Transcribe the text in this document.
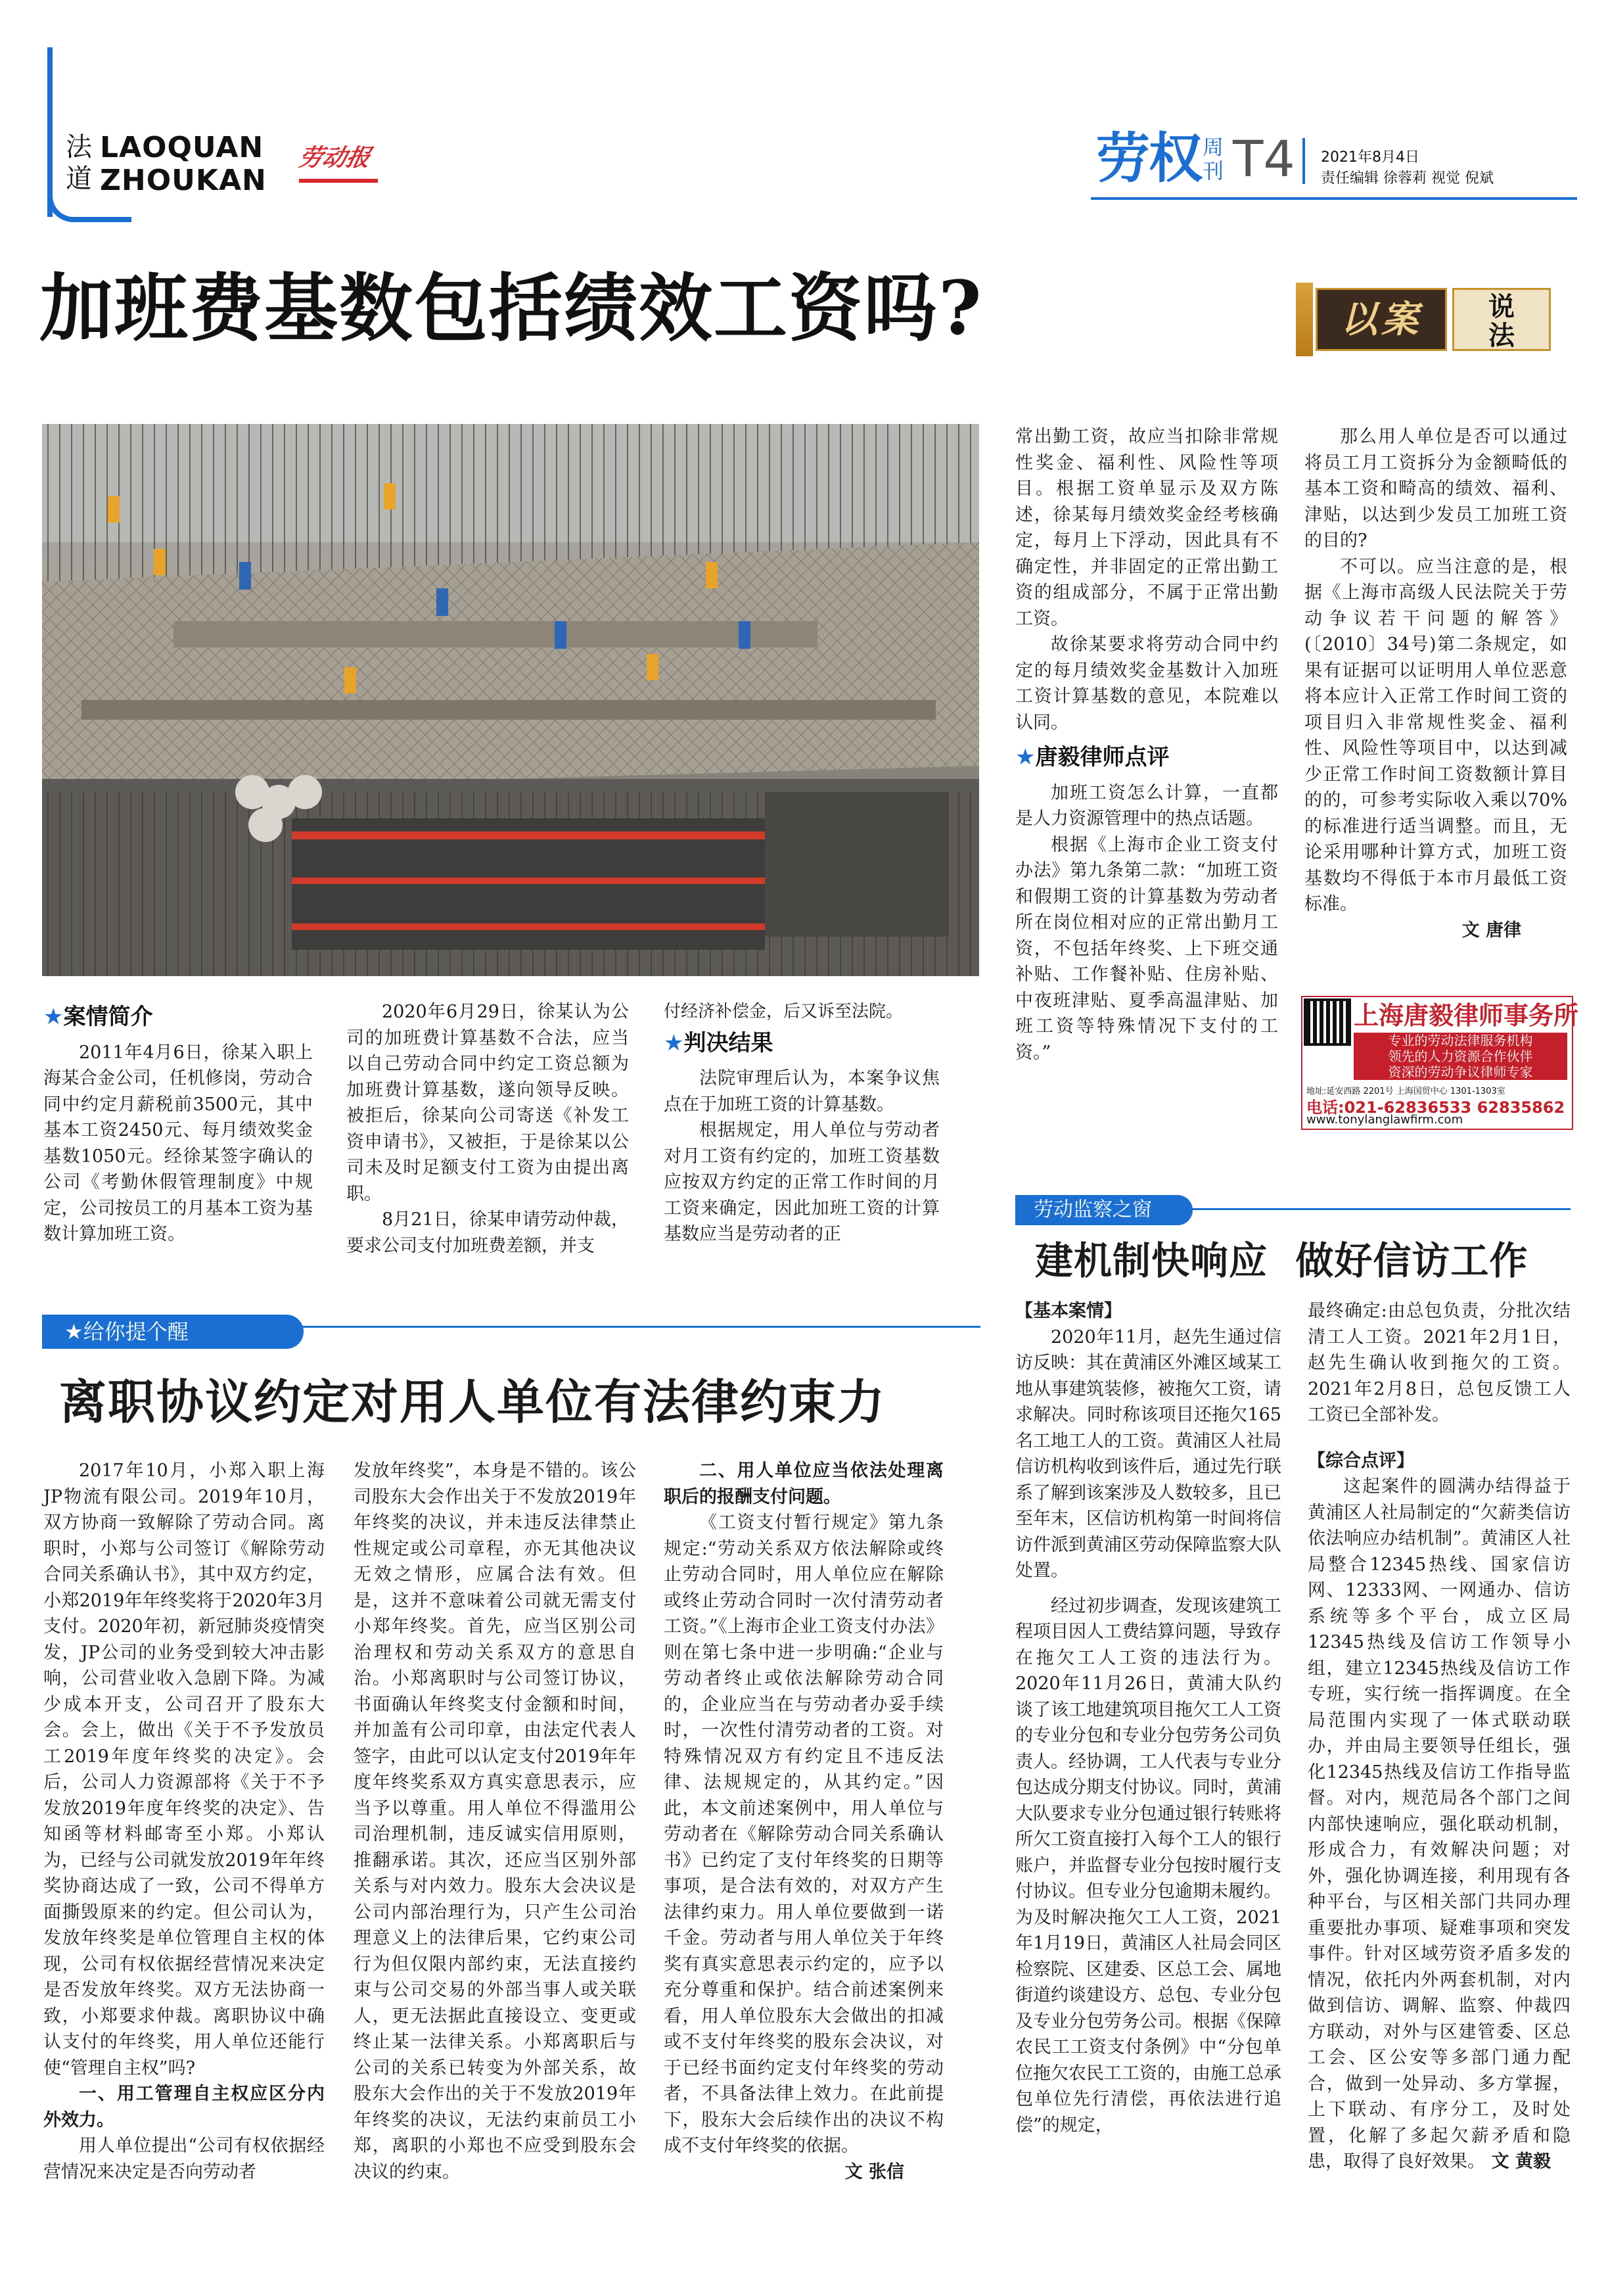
法
道
LAOQUAN
ZHOUKAN
劳动报	劳权 周
刊 T4 2021年8月4日
责任编辑 徐蓉莉 视觉 倪斌
加班费基数包括绩效工资吗?	以案	说
法
★案情简介

2011年4月6日，徐某入职上海某合金公司，任机修岗，劳动合同中约定月薪税前3500元，其中基本工资2450元、每月绩效奖金基数1050元。经徐某签字确认的公司《考勤休假管理制度》中规定，公司按员工的月基本工资为基数计算加班工资。

2020年6月29日，徐某认为公司的加班费计算基数不合法，应当以自己劳动合同中约定工资总额为加班费计算基数，遂向领导反映。被拒后，徐某向公司寄送《补发工资申请书》，又被拒，于是徐某以公司未及时足额支付工资为由提出离职。

8月21日，徐某申请劳动仲裁，要求公司支付加班费差额，并支

付经济补偿金，后又诉至法院。

★判决结果

法院审理后认为，本案争议焦点在于加班工资的计算基数。

根据规定，用人单位与劳动者对月工资有约定的，加班工资基数应按双方约定的正常工作时间的月工资来确定，因此加班工资的计算基数应当是劳动者的正

常出勤工资，故应当扣除非常规性奖金、福利性、风险性等项目。根据工资单显示及双方陈述，徐某每月绩效奖金经考核确定，每月上下浮动，因此具有不确定性，并非固定的正常出勤工资的组成部分，不属于正常出勤工资。

故徐某要求将劳动合同中约定的每月绩效奖金基数计入加班工资计算基数的意见，本院难以认同。

★唐毅律师点评

加班工资怎么计算，一直都是人力资源管理中的热点话题。

根据《上海市企业工资支付办法》第九条第二款：“加班工资和假期工资的计算基数为劳动者所在岗位相对应的正常出勤月工资，不包括年终奖、上下班交通补贴、工作餐补贴、住房补贴、中夜班津贴、夏季高温津贴、加班工资等特殊情况下支付的工资。”

那么用人单位是否可以通过将员工月工资拆分为金额畸低的基本工资和畸高的绩效、福利、津贴，以达到少发员工加班工资的目的?

不可以。应当注意的是，根据《上海市高级人民法院关于劳动争议若干问题的解答》(〔2010〕34号)第二条规定，如果有证据可以证明用人单位恶意将本应计入正常工作时间工资的项目归入非常规性奖金、福利性、风险性等项目中，以达到减少正常工作时间工资数额计算目的的，可参考实际收入乘以70%的标准进行适当调整。而且，无论采用哪种计算方式，加班工资基数均不得低于本市月最低工资标准。

文 唐律
上海唐毅律师事务所
专业的劳动法律服务机构
领先的人力资源合作伙伴
资深的劳动争议律师专家
地址:延安西路 2201号 上海国贸中心 1301-1303室
电话:021-62836533 62835862
www.tonylanglawfirm.com
★给你提个醒
离职协议约定对用人单位有法律约束力

2017年10月，小郑入职上海JP物流有限公司。2019年10月，双方协商一致解除了劳动合同。离职时，小郑与公司签订《解除劳动合同关系确认书》，其中双方约定，小郑2019年年终奖将于2020年3月支付。2020年初，新冠肺炎疫情突发，JP公司的业务受到较大冲击影响，公司营业收入急剧下降。为减少成本开支，公司召开了股东大会。会上，做出《关于不予发放员工2019年度年终奖的决定》。会后，公司人力资源部将《关于不予发放2019年度年终奖的决定》、告知函等材料邮寄至小郑。小郑认为，已经与公司就发放2019年年终奖协商达成了一致，公司不得单方面撕毁原来的约定。但公司认为，发放年终奖是单位管理自主权的体现，公司有权依据经营情况来决定是否发放年终奖。双方无法协商一致，小郑要求仲裁。离职协议中确认支付的年终奖，用人单位还能行使“管理自主权”吗?

一、用工管理自主权应区分内外效力。

用人单位提出“公司有权依据经营情况来决定是否向劳动者

发放年终奖”，本身是不错的。该公司股东大会作出关于不发放2019年年终奖的决议，并未违反法律禁止性规定或公司章程，亦无其他决议无效之情形，应属合法有效。但是，这并不意味着公司就无需支付小郑年终奖。首先，应当区别公司治理权和劳动关系双方的意思自治。小郑离职时与公司签订协议，书面确认年终奖支付金额和时间，并加盖有公司印章，由法定代表人签字，由此可以认定支付2019年年度年终奖系双方真实意思表示，应当予以尊重。用人单位不得滥用公司治理机制，违反诚实信用原则，推翻承诺。其次，还应当区别外部关系与对内效力。股东大会决议是公司内部治理行为，只产生公司治理意义上的法律后果，它约束公司行为但仅限内部约束，无法直接约束与公司交易的外部当事人或关联人，更无法据此直接设立、变更或终止某一法律关系。小郑离职后与公司的关系已转变为外部关系，故股东大会作出的关于不发放2019年年终奖的决议，无法约束前员工小郑，离职的小郑也不应受到股东会决议的约束。

二、用人单位应当依法处理离职后的报酬支付问题。

《工资支付暂行规定》第九条规定:“劳动关系双方依法解除或终止劳动合同时，用人单位应在解除或终止劳动合同时一次付清劳动者工资。”《上海市企业工资支付办法》则在第七条中进一步明确:“企业与劳动者终止或依法解除劳动合同的，企业应当在与劳动者办妥手续时，一次性付清劳动者的工资。对特殊情况双方有约定且不违反法律、法规规定的，从其约定。”因此，本文前述案例中，用人单位与劳动者在《解除劳动合同关系确认书》已约定了支付年终奖的日期等事项，是合法有效的，对双方产生法律约束力。用人单位要做到一诺千金。劳动者与用人单位关于年终奖有真实意思表示约定的，应予以充分尊重和保护。结合前述案例来看，用人单位股东大会做出的扣减或不支付年终奖的股东会决议，对于已经书面约定支付年终奖的劳动者，不具备法律上效力。在此前提下，股东大会后续作出的决议不构成不支付年终奖的依据。

文 张信
劳动监察之窗
建机制快响应  做好信访工作

【基本案情】

2020年11月，赵先生通过信访反映：其在黄浦区外滩区域某工地从事建筑装修，被拖欠工资，请求解决。同时称该项目还拖欠165名工地工人的工资。黄浦区人社局信访机构收到该件后，通过先行联系了解到该案涉及人数较多，且已至年末，区信访机构第一时间将信访件派到黄浦区劳动保障监察大队处置。

经过初步调查，发现该建筑工程项目因人工费结算问题，导致存在拖欠工人工资的违法行为。2020年11月26日，黄浦大队约谈了该工地建筑项目拖欠工人工资的专业分包和专业分包劳务公司负责人。经协调，工人代表与专业分包达成分期支付协议。同时，黄浦大队要求专业分包通过银行转账将所欠工资直接打入每个工人的银行账户，并监督专业分包按时履行支付协议。但专业分包逾期未履约。为及时解决拖欠工人工资，2021年1月19日，黄浦区人社局会同区检察院、区建委、区总工会、属地街道约谈建设方、总包、专业分包及专业分包劳务公司。根据《保障农民工工资支付条例》中“分包单位拖欠农民工工资的，由施工总承包单位先行清偿，再依法进行追偿”的规定，

最终确定:由总包负责，分批次结清工人工资。2021年2月1日，赵先生确认收到拖欠的工资。2021年2月8日，总包反馈工人工资已全部补发。

【综合点评】

这起案件的圆满办结得益于黄浦区人社局制定的“欠薪类信访依法响应办结机制”。黄浦区人社局整合12345热线、国家信访网、12333网、一网通办、信访系统等多个平台，成立区局12345热线及信访工作领导小组，建立12345热线及信访工作专班，实行统一指挥调度。在全局范围内实现了一体式联动联办，并由局主要领导任组长，强化12345热线及信访工作指导监督。对内，规范局各个部门之间内部快速响应，强化联动机制，形成合力，有效解决问题；对外，强化协调连接，利用现有各种平台，与区相关部门共同办理重要批办事项、疑难事项和突发事件。针对区域劳资矛盾多发的情况，依托内外两套机制，对内做到信访、调解、监察、仲裁四方联动，对外与区建管委、区总工会、区公安等多部门通力配合，做到一处异动、多方掌握，上下联动、有序分工，及时处置，化解了多起欠薪矛盾和隐患，取得了良好效果。 文 黄毅
